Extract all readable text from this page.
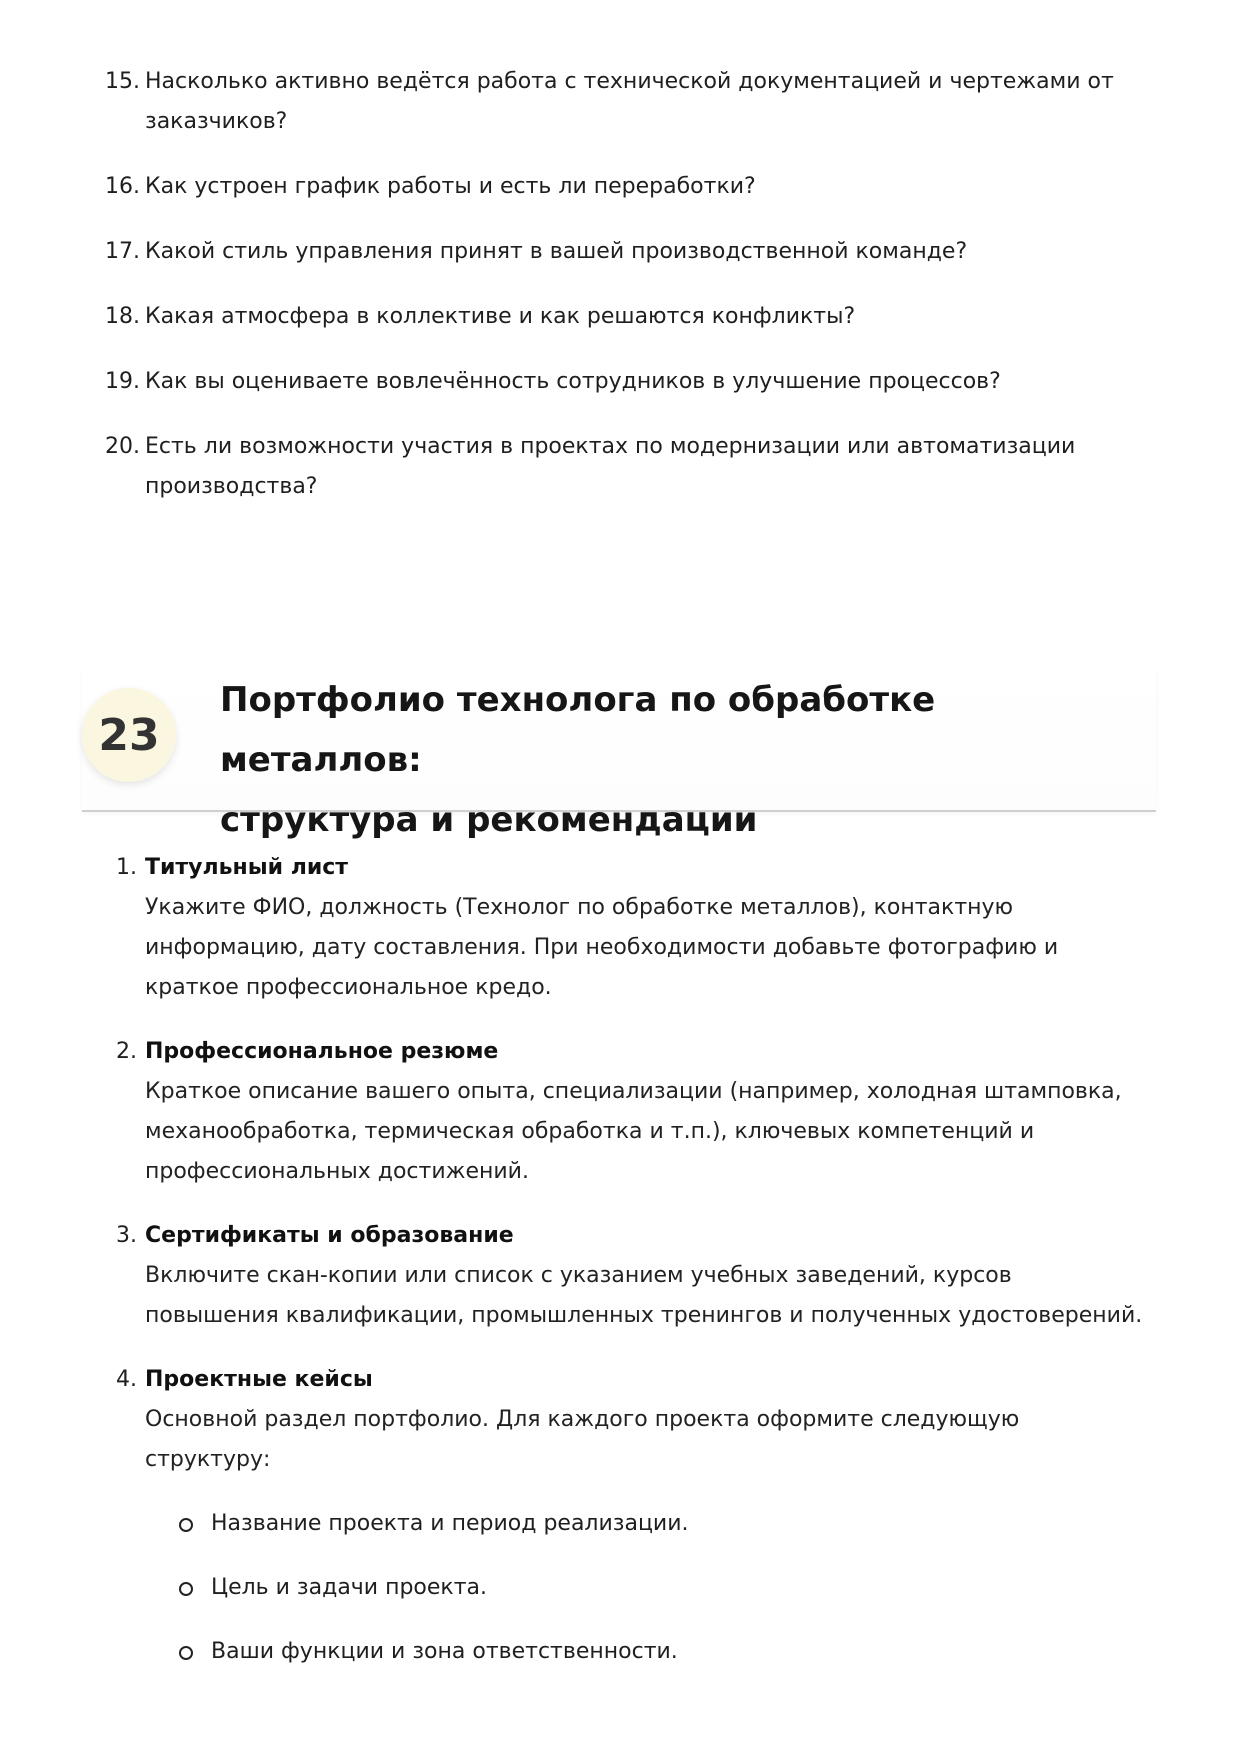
15. Насколько активно ведётся работа с технической документацией и чертежами от заказчиков?
16. Как устроен график работы и есть ли переработки?
17. Какой стиль управления принят в вашей производственной команде?
18. Какая атмосфера в коллективе и как решаются конфликты?
19. Как вы оцениваете вовлечённость сотрудников в улучшение процессов?
20. Есть ли возможности участия в проектах по модернизации или автоматизации производства?
23
Портфолио технолога по обработке металлов:
структура и рекомендации
1. Титульный лист
Укажите ФИО, должность (Технолог по обработке металлов), контактную информацию, дату составления. При необходимости добавьте фотографию и краткое профессиональное кредо.
2. Профессиональное резюме
Краткое описание вашего опыта, специализации (например, холодная штамповка, механообработка, термическая обработка и т.п.), ключевых компетенций и профессиональных достижений.
3. Сертификаты и образование
Включите скан-копии или список с указанием учебных заведений, курсов повышения квалификации, промышленных тренингов и полученных удостоверений.
4. Проектные кейсы
Основной раздел портфолио. Для каждого проекта оформите следующую структуру:
Название проекта и период реализации.
Цель и задачи проекта.
Ваши функции и зона ответственности.
